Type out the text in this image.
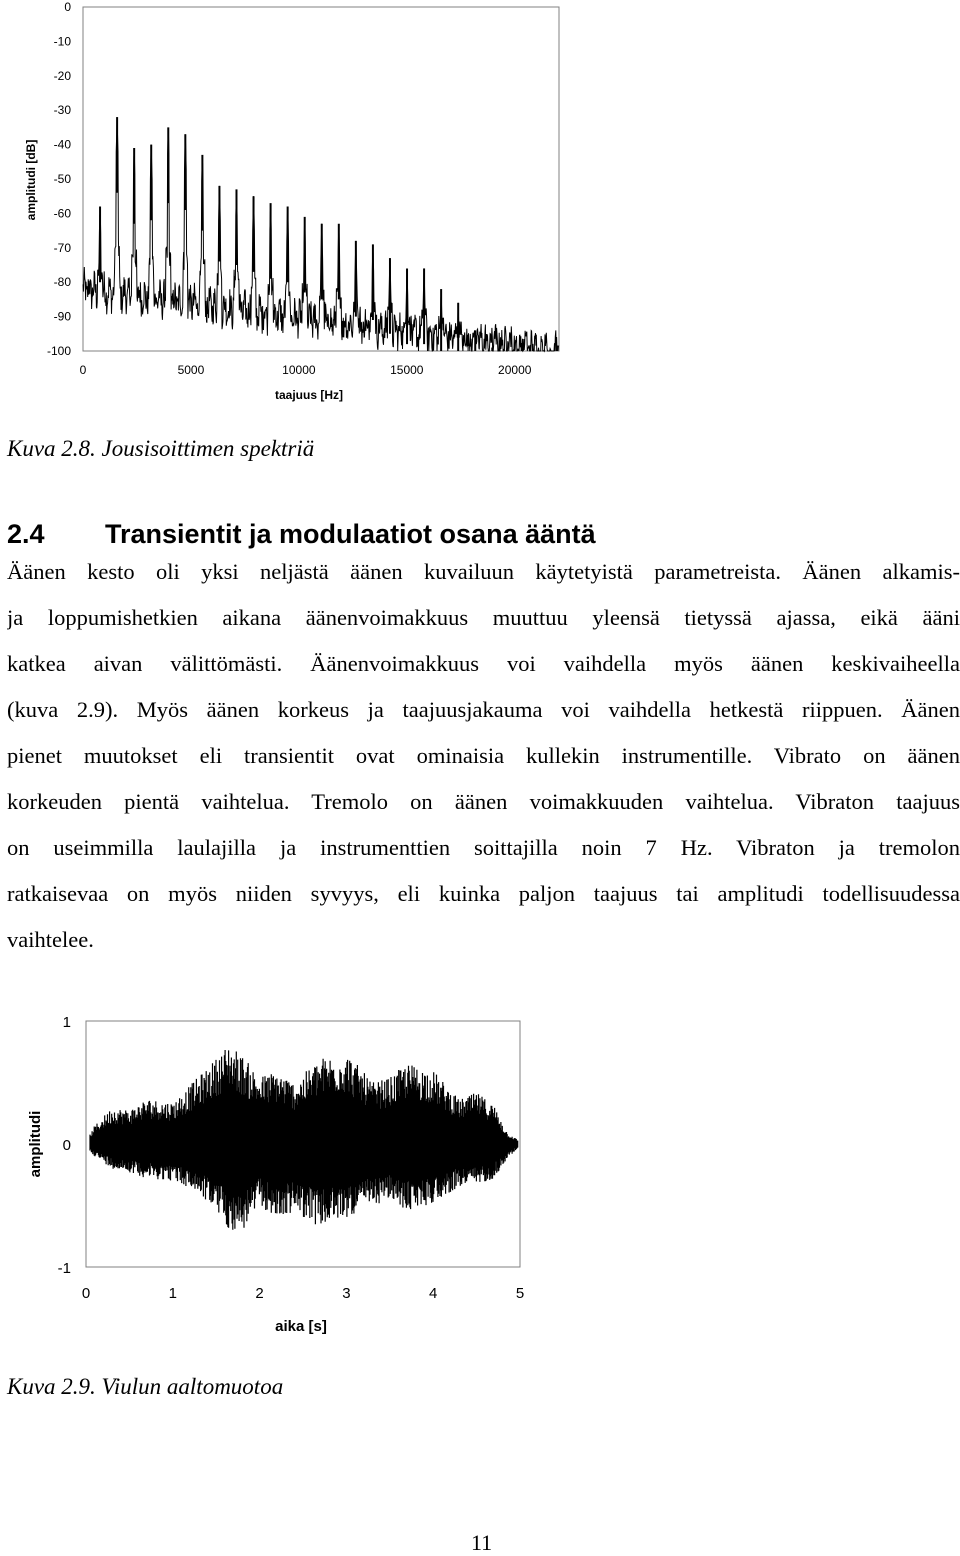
0
-10
-20
-30
-40
-50
-60
-70
-80
-90
-100
0	5000	10000	15000	20000
amplitudi [dB]
taajuus [Hz]
Kuva 2.8. Jousisoittimen spektriä
2.4 Transientit ja modulaatiot osana ääntä
Äänen kesto oli yksi neljästä äänen kuvailuun käytetyistä parametreista. Äänen alkamis-
ja loppumishetkien aikana äänenvoimakkuus muuttuu yleensä tietyssä ajassa, eikä ääni
katkea aivan välittömästi. Äänenvoimakkuus voi vaihdella myös äänen keskivaiheella
(kuva 2.9). Myös äänen korkeus ja taajuusjakauma voi vaihdella hetkestä riippuen. Äänen
pienet muutokset eli transientit ovat ominaisia kullekin instrumentille. Vibrato on äänen
korkeuden pientä vaihtelua. Tremolo on äänen voimakkuuden vaihtelua. Vibraton taajuus
on useimmilla laulajilla ja instrumenttien soittajilla noin 7 Hz. Vibraton ja tremolon
ratkaisevaa on myös niiden syvyys, eli kuinka paljon taajuus tai amplitudi todellisuudessa
vaihtelee.
1
0
-1
0	1	2	3	4	5
amplitudi
aika [s]
Kuva 2.9. Viulun aaltomuotoa
11
